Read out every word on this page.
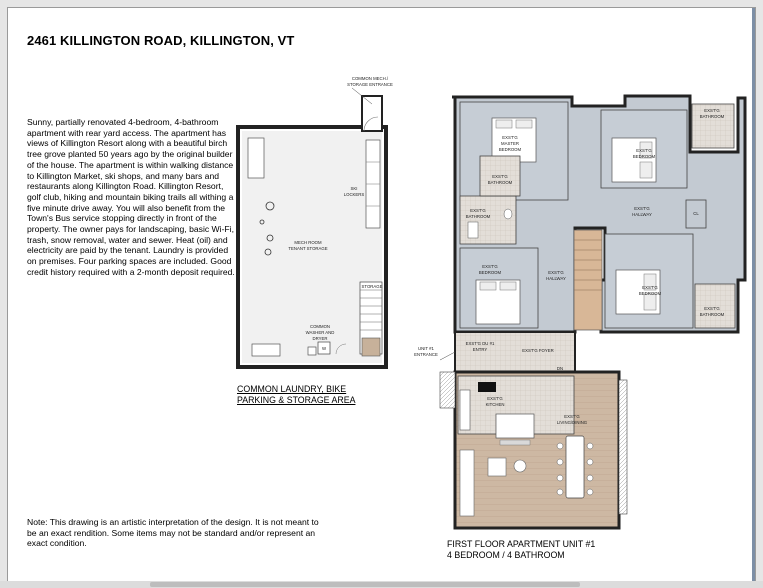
2461 KILLINGTON ROAD, KILLINGTON, VT
Sunny, partially renovated 4-bedroom, 4-bathroom apartment with rear yard access. The apartment has views of Killington Resort along with a beautiful birch tree grove planted 50 years ago by the original builder of the house. The apartment is within walking distance to Killington Market, ski shops, and many bars and restaurants along Killington Road. Killington Resort, golf club, hiking and mountain biking trails all withing a five minute drive away. You will also benefit from the Town's Bus service stopping directly in front of the property. The owner pays for landscaping, basic Wi-Fi, trash, snow removal, water and sewer. Heat (oil) and electricity are paid by the tenant. Laundry is provided on premises. Four parking spaces are included. Good credit history required with a 2-month deposit required.
Note: This drawing is an artistic interpretation of the design. It is not meant to be an exact rendition. Some items may not be standard and/or represent an exact condition.
COMMON LAUNDRY, BIKE
PARKING & STORAGE AREA
FIRST FLOOR APARTMENT UNIT #1
4 BEDROOM / 4 BATHROOM
W
COMMON MECH./
STORAGE ENTRANCE
SKI
LOCKERS
MECH ROOM
TENANT STORAGE
STORAGE
COMMON
WASHER AND
DRYER
EXST'G
MASTER
BEDROOM	EXST'G
BEDROOM
EXST'G
BATHROOM
EXST'G
BATHROOM
EXST'G
BATHROOM
EXST'G
HALLWAY	CL
EXST'G
HALLWAY
EXST'G
BEDROOM
EXST'G
BEDROOM
EXST'G
BATHROOM
UNIT #1
ENTRANCE
EXST'G DU #1
ENTRY	EXST'G FOYER
EXST'G
KITCHEN
EXST'G
LIVING/DINING
DN
